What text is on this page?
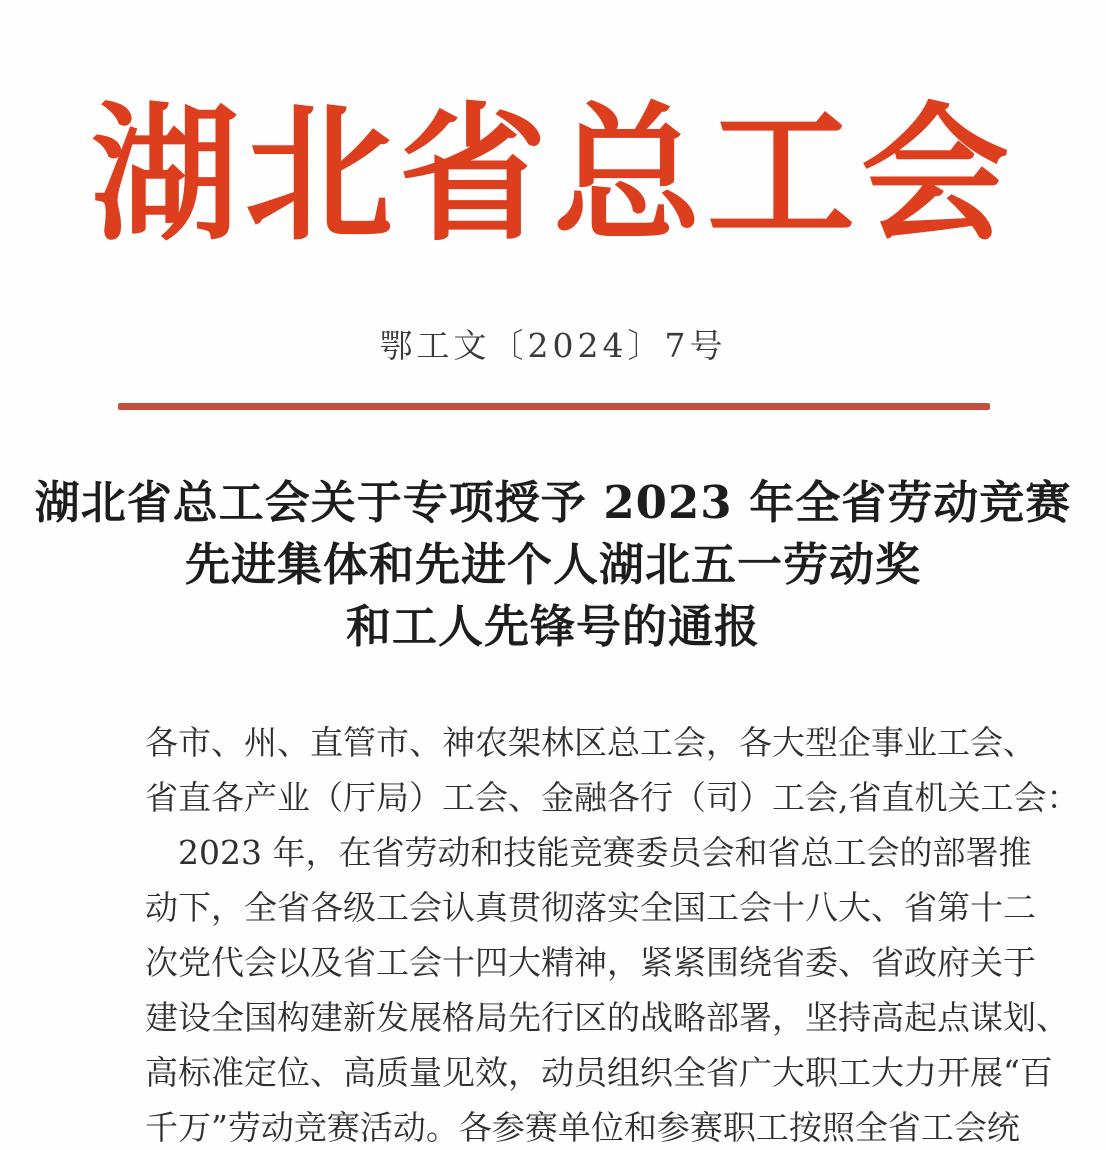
湖北省总工会
鄂工文〔2024〕7号
湖北省总工会关于专项授予 2023 年全省劳动竞赛
先进集体和先进个人湖北五一劳动奖
和工人先锋号的通报
各市、州、直管市、神农架林区总工会，各大型企事业工会、
省直各产业（厅局）工会、金融各行（司）工会,省直机关工会：
2023 年，在省劳动和技能竞赛委员会和省总工会的部署推
动下，全省各级工会认真贯彻落实全国工会十八大、省第十二
次党代会以及省工会十四大精神，紧紧围绕省委、省政府关于
建设全国构建新发展格局先行区的战略部署，坚持高起点谋划、
高标准定位、高质量见效，动员组织全省广大职工大力开展“百
千万”劳动竞赛活动。各参赛单位和参赛职工按照全省工会统
